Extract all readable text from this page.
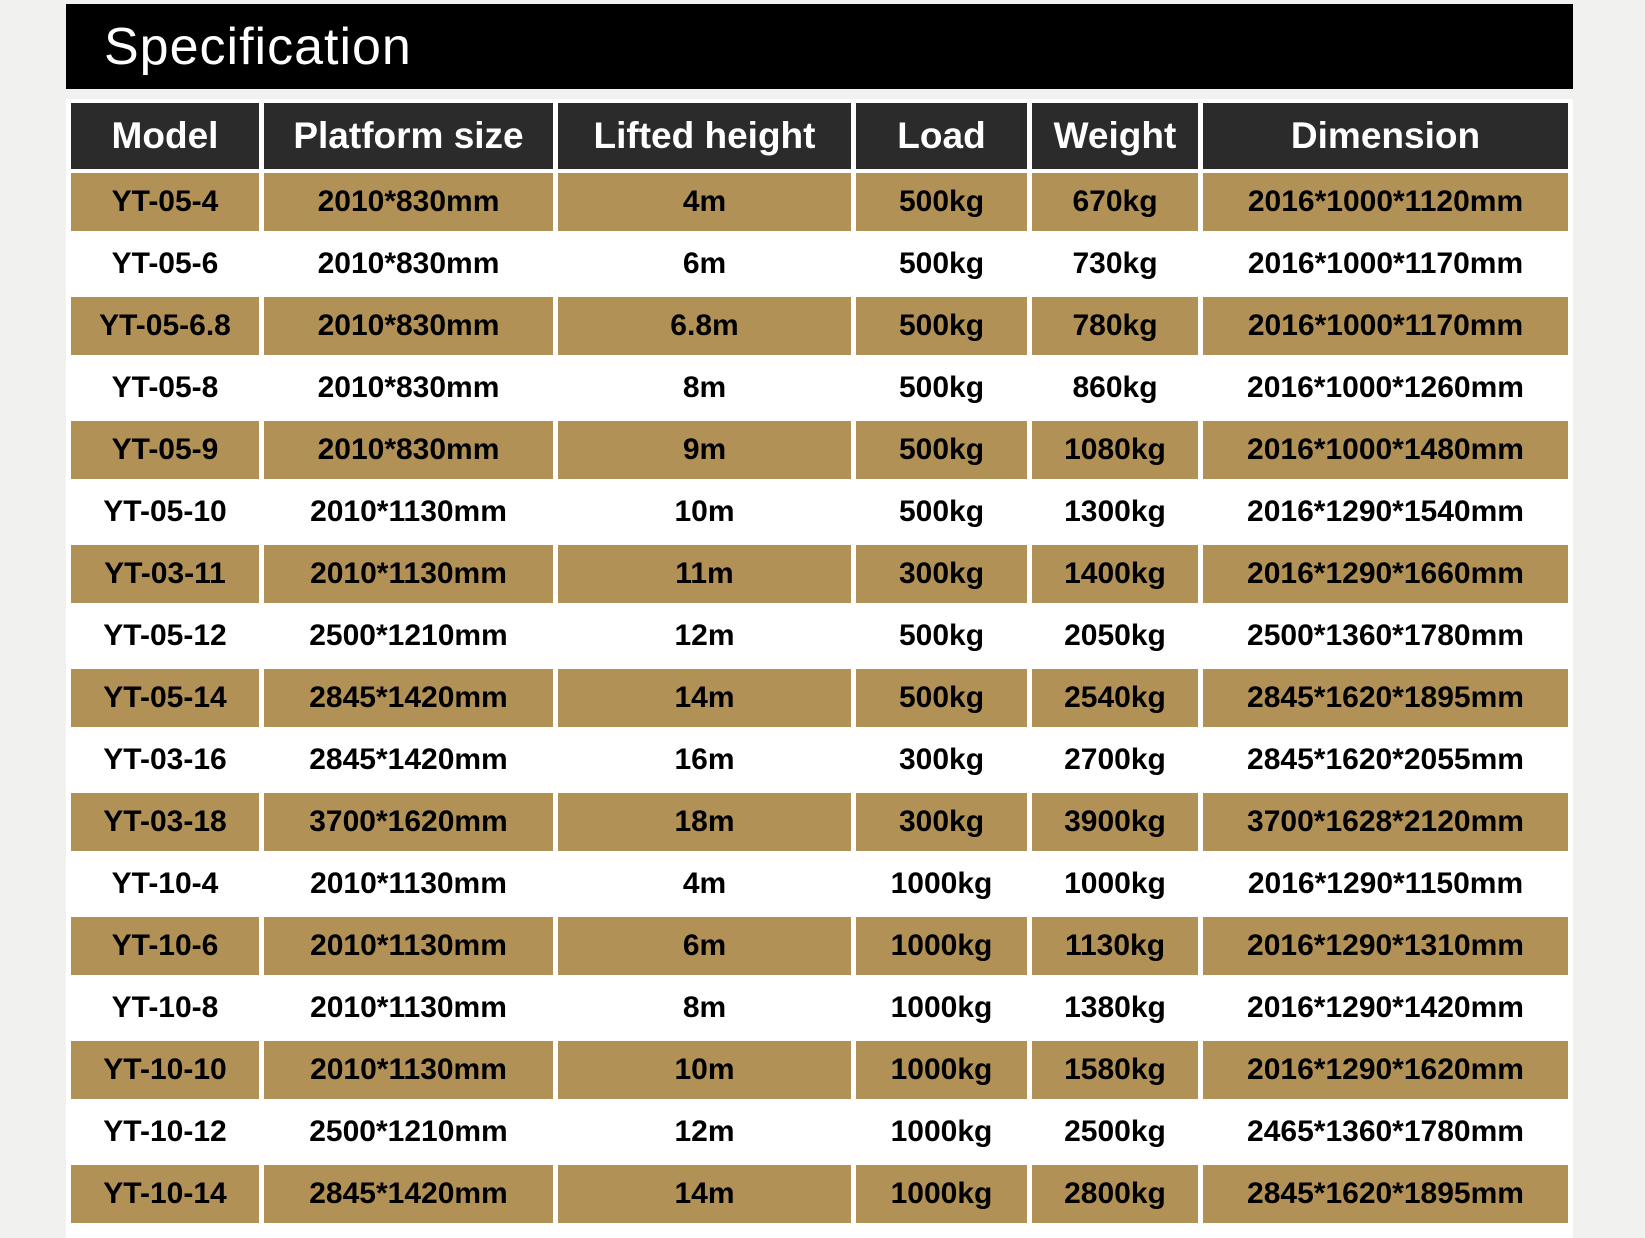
Specification
Model	Platform size	Lifted height	Load	Weight	Dimension
YT-05-4	2010*830mm	4m	500kg	670kg	2016*1000*1120mm
YT-05-6	2010*830mm	6m	500kg	730kg	2016*1000*1170mm
YT-05-6.8	2010*830mm	6.8m	500kg	780kg	2016*1000*1170mm
YT-05-8	2010*830mm	8m	500kg	860kg	2016*1000*1260mm
YT-05-9	2010*830mm	9m	500kg	1080kg	2016*1000*1480mm
YT-05-10	2010*1130mm	10m	500kg	1300kg	2016*1290*1540mm
YT-03-11	2010*1130mm	11m	300kg	1400kg	2016*1290*1660mm
YT-05-12	2500*1210mm	12m	500kg	2050kg	2500*1360*1780mm
YT-05-14	2845*1420mm	14m	500kg	2540kg	2845*1620*1895mm
YT-03-16	2845*1420mm	16m	300kg	2700kg	2845*1620*2055mm
YT-03-18	3700*1620mm	18m	300kg	3900kg	3700*1628*2120mm
YT-10-4	2010*1130mm	4m	1000kg	1000kg	2016*1290*1150mm
YT-10-6	2010*1130mm	6m	1000kg	1130kg	2016*1290*1310mm
YT-10-8	2010*1130mm	8m	1000kg	1380kg	2016*1290*1420mm
YT-10-10	2010*1130mm	10m	1000kg	1580kg	2016*1290*1620mm
YT-10-12	2500*1210mm	12m	1000kg	2500kg	2465*1360*1780mm
YT-10-14	2845*1420mm	14m	1000kg	2800kg	2845*1620*1895mm
